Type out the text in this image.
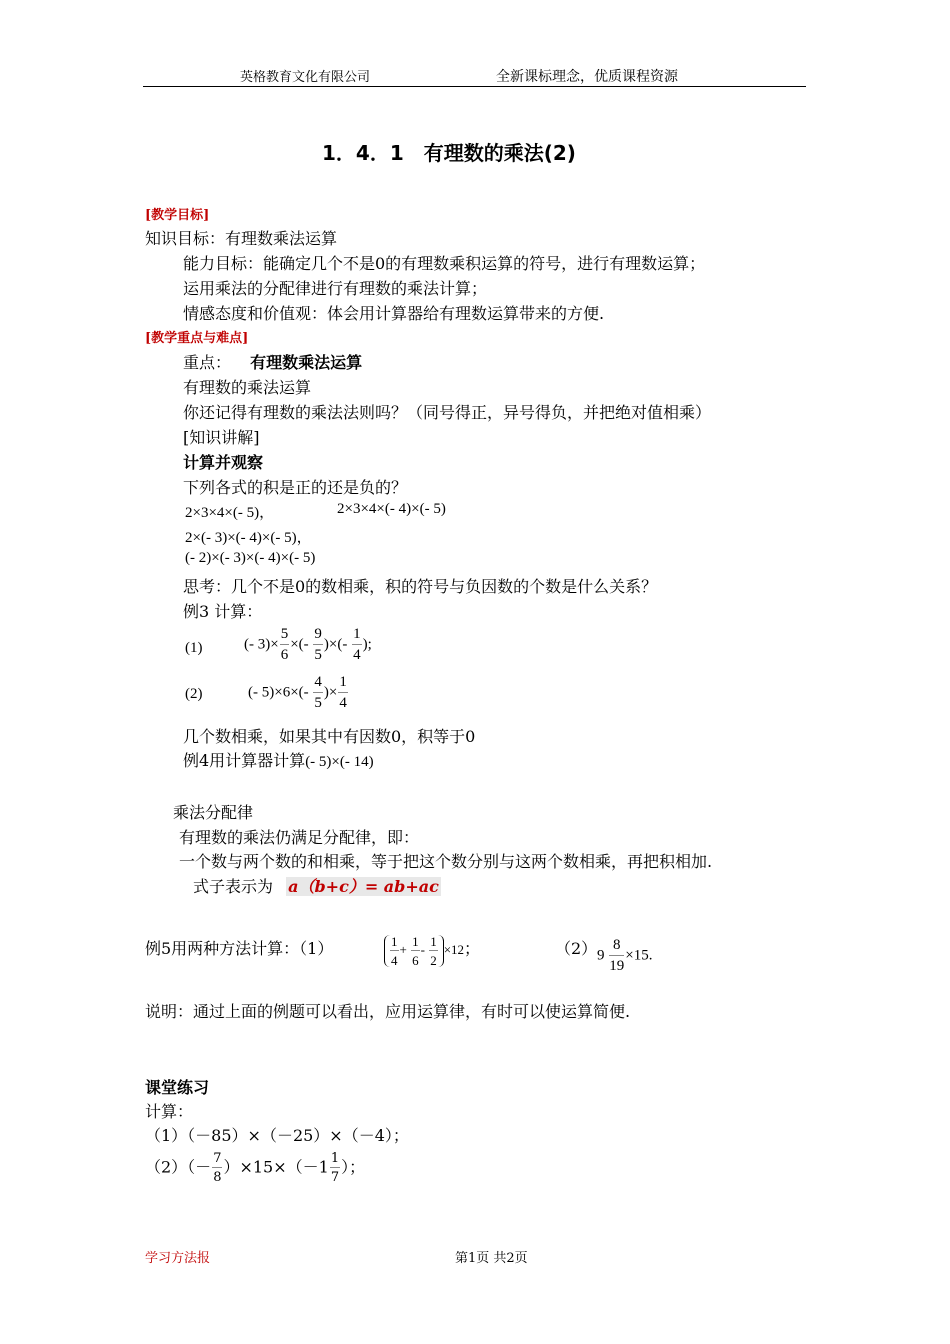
英格教育文化有限公司	全新课标理念，优质课程资源
1．4．1　有理数的乘法(2)
[教学目标]
知识目标：有理数乘法运算
能力目标：能确定几个不是0的有理数乘积运算的符号，进行有理数运算；
运用乘法的分配律进行有理数的乘法计算；
情感态度和价值观：体会用计算器给有理数运算带来的方便.
[教学重点与难点]
重点： 有理数乘法运算
有理数的乘法运算
你还记得有理数的乘法法则吗？（同号得正，异号得负，并把绝对值相乘）
[知识讲解]
计算并观察
下列各式的积是正的还是负的？
2×3×4×(- 5)，	2×3×4×(- 4)×(- 5)
2×(- 3)×(- 4)×(- 5)，
(- 2)×(- 3)×(- 4)×(- 5)
思考：几个不是0的数相乘，积的符号与负因数的个数是什么关系？
例3 计算：
(1)	(- $3)\times \frac{5}{6}$ ×(- $\frac{9}{5}$ )×(- $\frac{1}{4}$ );
(2)	(- $5)\times 6\times(- \frac{4}{5}$ )× $\frac{1}{4}$
几个数相乘，如果其中有因数0，积等于0
例4用计算器计算(- 5)×(- 14)
乘法分配律
有理数的乘法仍满足分配律，即：
一个数与两个数的和相乘，等于把这个数分别与这两个数相乘，再把积相加.
式子表示为 a（b+c）= ab+ac
例5用两种方法计算：（1）	$\frac{1}{4} + \frac{1}{6} - \frac{1}{2} \times 12$；	（2） $9 \frac{8}{19} \times 15$.
说明：通过上面的例题可以看出，应用运算律，有时可以使运算简便.
课堂练习
计算：
（1）（－85）×（－25）×（－4）；
$(2)(- \frac{7}{8} )\times 15\times(-1 \frac{1}{7}$ ）；
学习方法报	第1页 共2页
